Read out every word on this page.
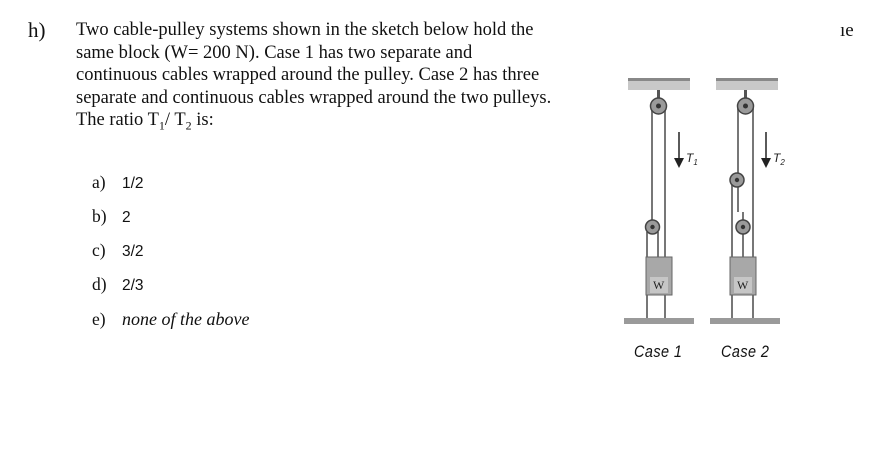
h) Two cable-pulley systems shown in the sketch below hold the
same block (W= 200 N). Case 1 has two separate and
continuous cables wrapped around the pulley. Case 2 has three
separate and continuous cables wrapped around the two pulleys.
The ratio $T_1/$ $T_2$ is:
ıe
a) 1/2
b) 2
c) 3/2
d) 2/3
e) none of the above
$T_1$
W
$T_2$
W
Case 1 Case 2
